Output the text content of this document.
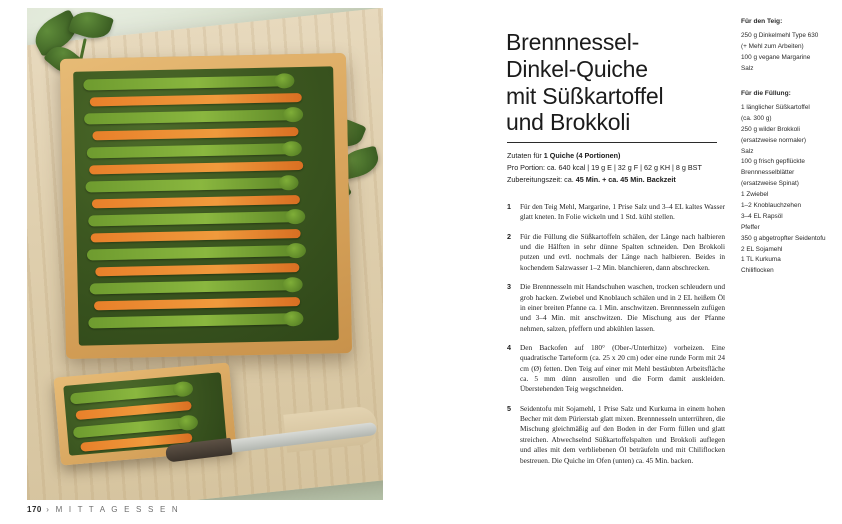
170 › M I T T A G E S S E N
Brennnessel-
Dinkel-Quiche
mit Süßkartoffel
und Brokkoli
Zutaten für 1 Quiche (4 Portionen)
Pro Portion: ca. 640 kcal | 19 g E | 32 g F | 62 g KH | 8 g BST
Zubereitungszeit: ca. 45 Min. + ca. 45 Min. Backzeit
1 Für den Teig Mehl, Margarine, 1 Prise Salz und 3–4 EL kaltes Wasser glatt kneten. In Folie wickeln und 1 Std. kühl stellen.
2 Für die Füllung die Süßkartoffeln schälen, der Länge nach halbieren und die Hälften in sehr dünne Spalten schneiden. Den Brokkoli putzen und evtl. nochmals der Länge nach halbieren. Beides in kochendem Salzwasser 1–2 Min. blanchieren, dann abschrecken.
3 Die Brennnesseln mit Handschuhen waschen, trocken schleudern und grob hacken. Zwiebel und Knoblauch schälen und in 2 EL heißem Öl in einer breiten Pfanne ca. 1 Min. anschwitzen. Brennnesseln zufügen und 3–4 Min. mit anschwitzen. Die Mischung aus der Pfanne nehmen, salzen, pfeffern und abkühlen lassen.
4 Den Backofen auf 180° (Ober-/Unterhitze) vorheizen. Eine quadratische Tarteform (ca. 25 x 20 cm) oder eine runde Form mit 24 cm (Ø) fetten. Den Teig auf einer mit Mehl bestäubten Arbeitsfläche ca. 5 mm dünn ausrollen und die Form damit auskleiden. Überstehenden Teig wegschneiden.
5 Seidentofu mit Sojamehl, 1 Prise Salz und Kurkuma in einem hohen Becher mit dem Pürierstab glatt mixen. Brennnesseln unterrühren, die Mischung gleichmäßig auf den Boden in der Form füllen und glatt streichen. Abwechselnd Süßkartoffelspalten und Brokkoli auflegen und alles mit dem verbliebenen Öl beträufeln und mit Chiliflocken bestreuen. Die Quiche im Ofen (unten) ca. 45 Min. backen.
Für den Teig:
250 g Dinkelmehl Type 630
(+ Mehl zum Arbeiten)
100 g vegane Margarine
Salz
Für die Füllung:
1 länglicher Süßkartoffel
(ca. 300 g)
250 g wilder Brokkoli
(ersatzweise normaler)
Salz
100 g frisch gepflückte Brennnesselblätter (ersatzweise Spinat)
1 Zwiebel
1–2 Knoblauchzehen
3–4 EL Rapsöl
Pfeffer
350 g abgetropfter Seidentofu
2 EL Sojamehl
1 TL Kurkuma
Chiliflocken
